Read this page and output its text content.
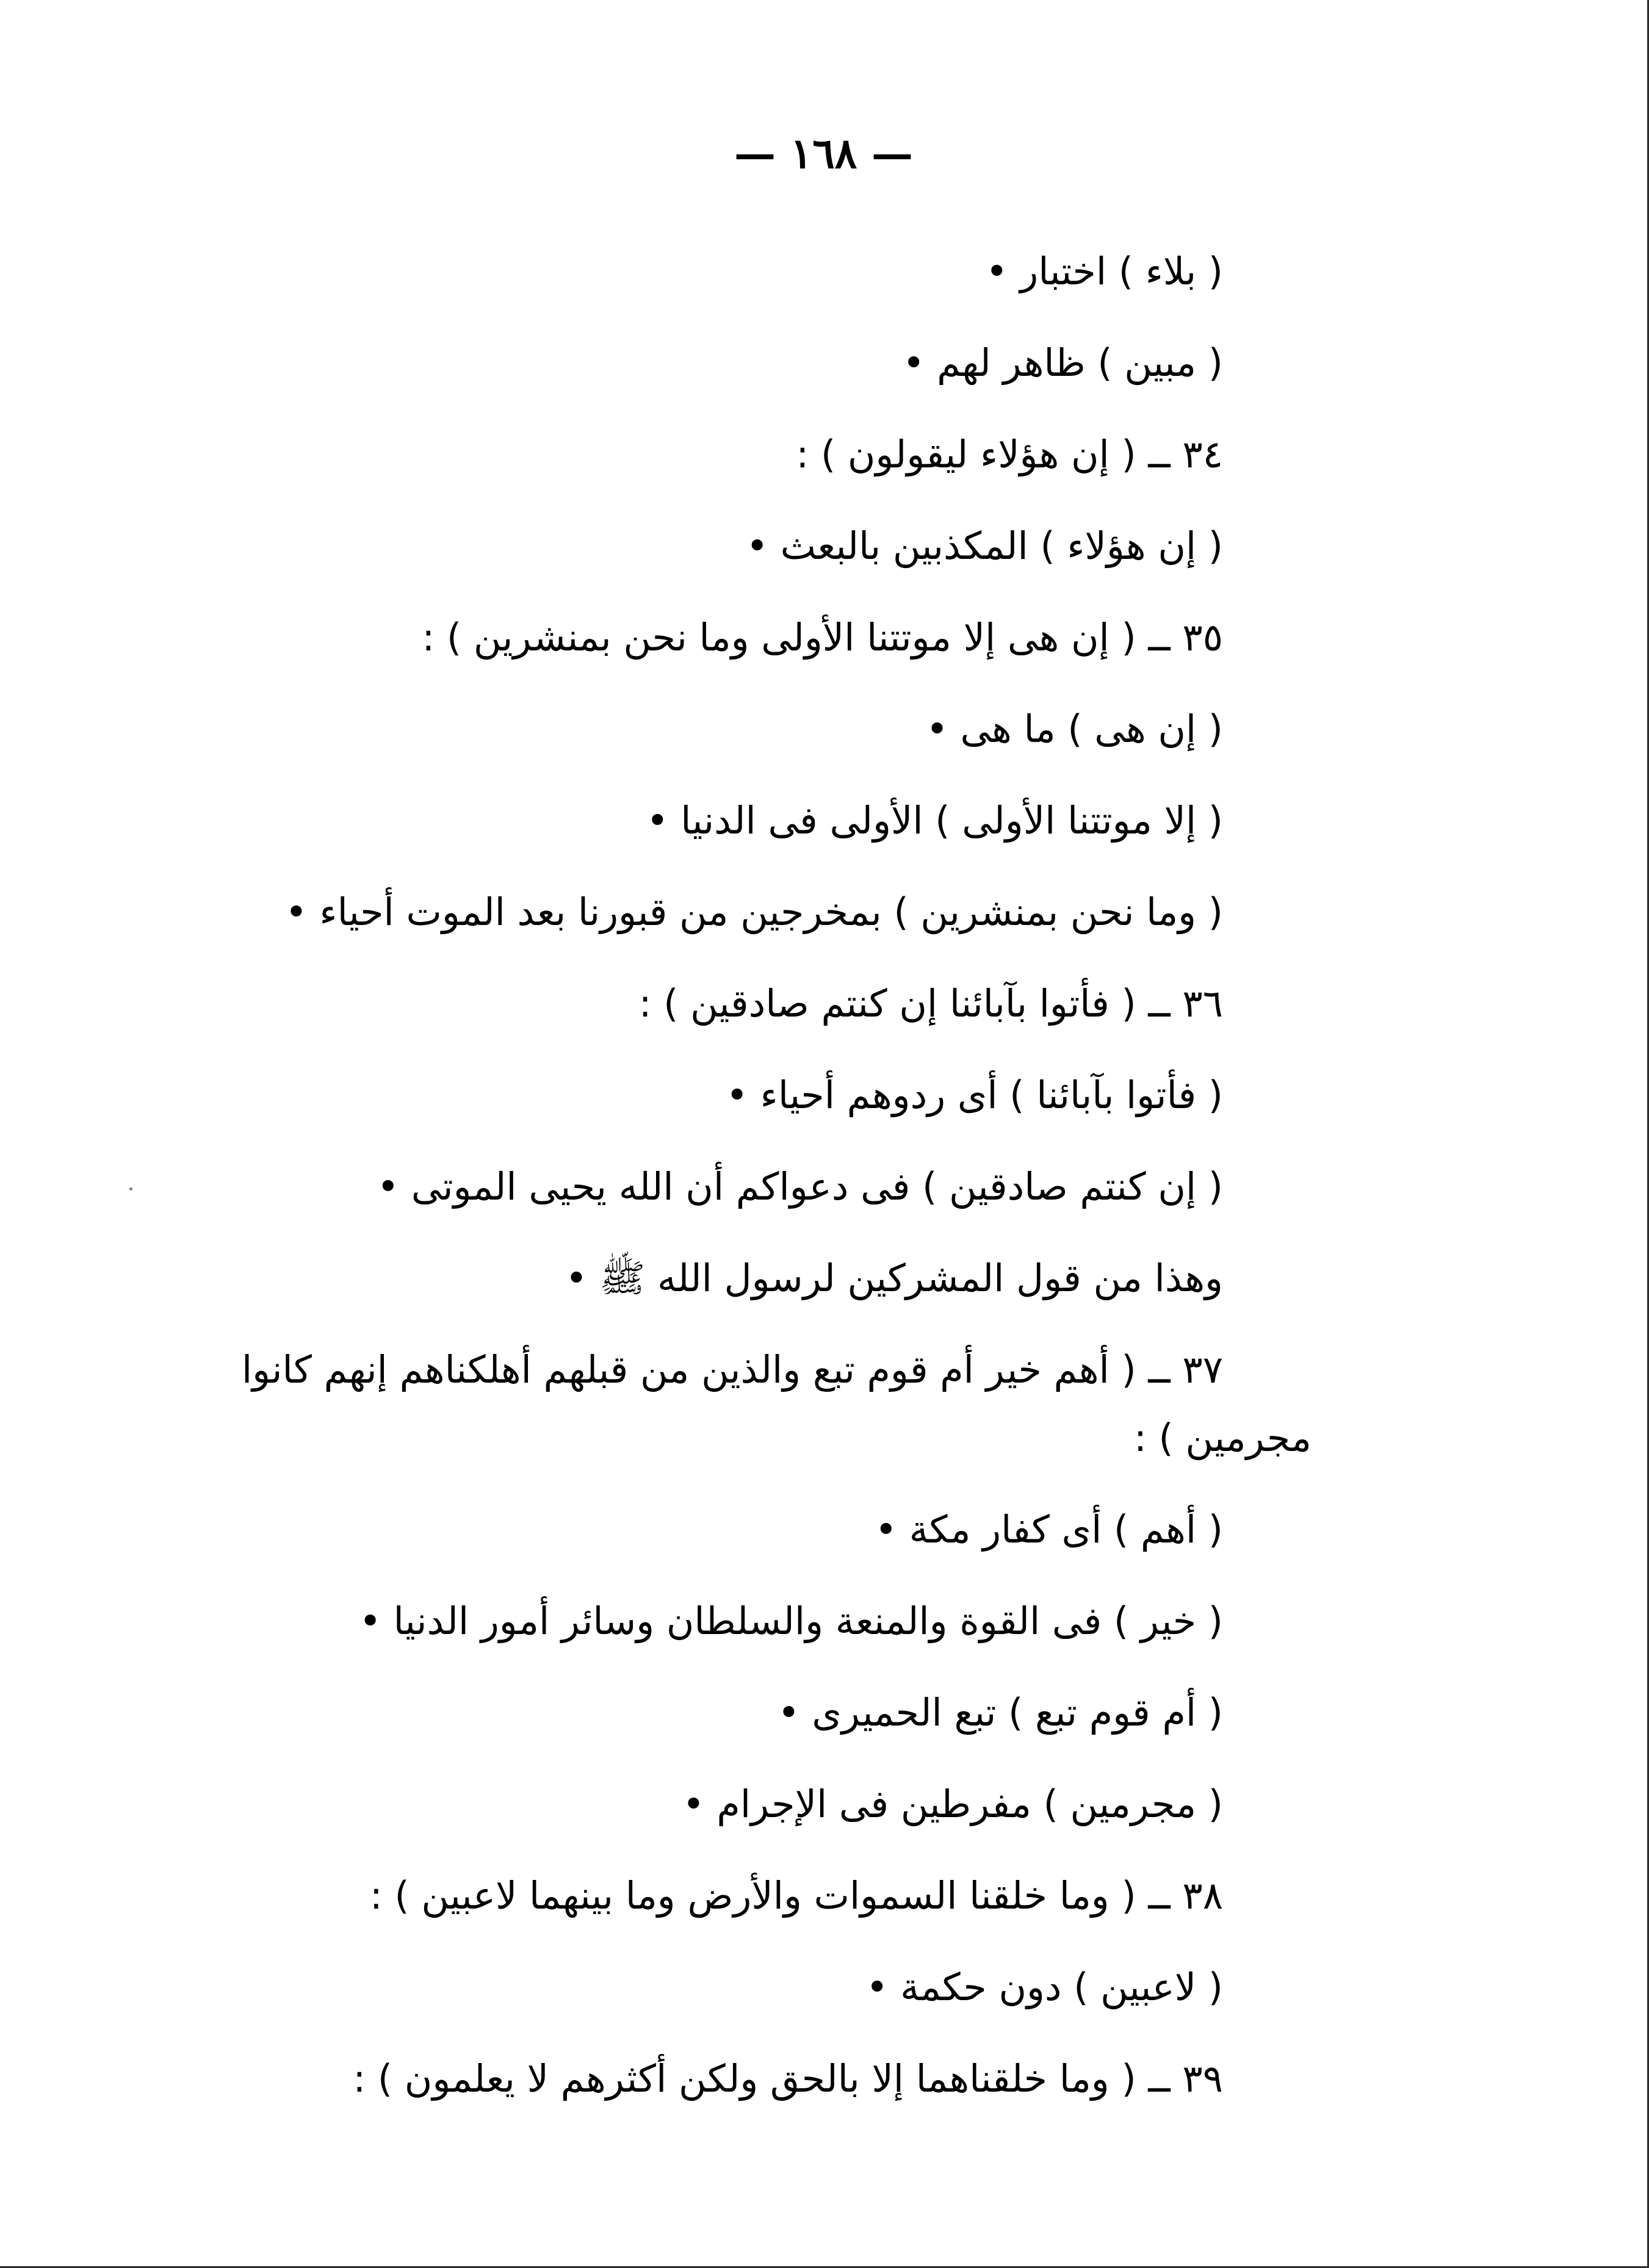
— ١٦٨ —
( بلاء ) اختبار •
( مبين ) ظاهر لهم •
٣٤ ــ ( إن هؤلاء ليقولون ) :
( إن هؤلاء ) المكذبين بالبعث •
٣٥ ــ ( إن هى إلا موتتنا الأولى وما نحن بمنشرين ) :
( إن هى ) ما هى •
( إلا موتتنا الأولى ) الأولى فى الدنيا •
( وما نحن بمنشرين ) بمخرجين من قبورنا بعد الموت أحياء •
٣٦ ــ ( فأتوا بآبائنا إن كنتم صادقين ) :
( فأتوا بآبائنا ) أى ردوهم أحياء •
( إن كنتم صادقين ) فى دعواكم أن الله يحيى الموتى •
وهذا من قول المشركين لرسول الله ﷺ •
٣٧ ــ ( أهم خير أم قوم تبع والذين من قبلهم أهلكناهم إنهم كانوا
مجرمين ) :
( أهم ) أى كفار مكة •
( خير ) فى القوة والمنعة والسلطان وسائر أمور الدنيا •
( أم قوم تبع ) تبع الحميرى •
( مجرمين ) مفرطين فى الإجرام •
٣٨ ــ ( وما خلقنا السموات والأرض وما بينهما لاعبين ) :
( لاعبين ) دون حكمة •
٣٩ ــ ( وما خلقناهما إلا بالحق ولكن أكثرهم لا يعلمون ) :
